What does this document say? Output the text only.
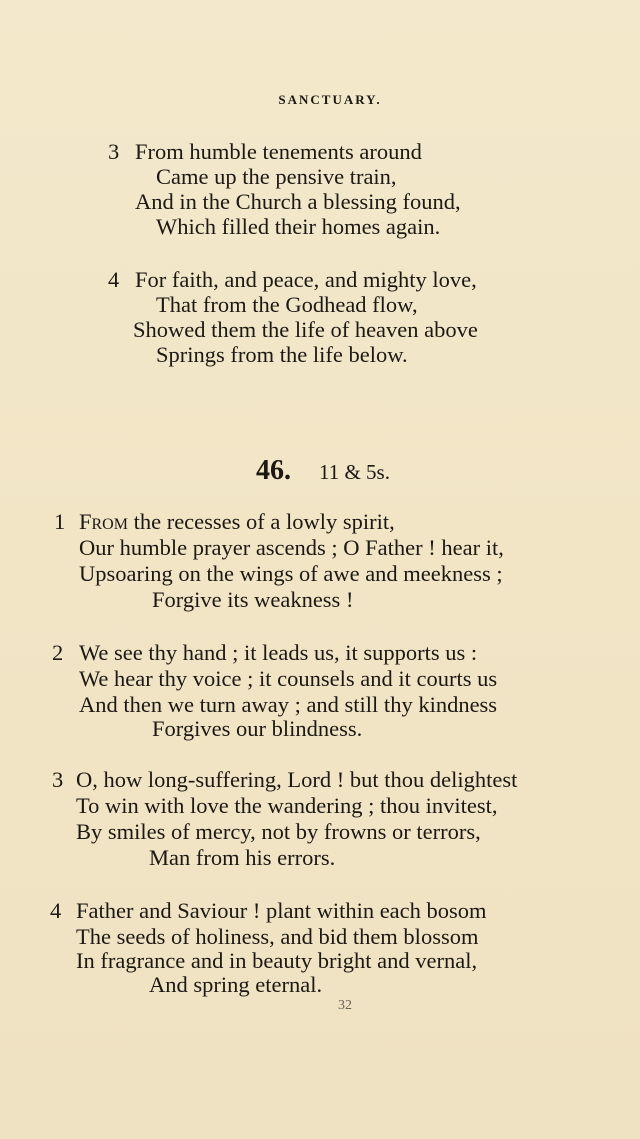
SANCTUARY.
3 From humble tenements around
Came up the pensive train,
And in the Church a blessing found,
Which filled their homes again.
4 For faith, and peace, and mighty love,
That from the Godhead flow,
Showed them the life of heaven above
Springs from the life below.
46. 11 & 5s.
1 From the recesses of a lowly spirit,
Our humble prayer ascends ; O Father ! hear it,
Upsoaring on the wings of awe and meekness ;
Forgive its weakness !
2 We see thy hand ; it leads us, it supports us :
We hear thy voice ; it counsels and it courts us
And then we turn away ; and still thy kindness
Forgives our blindness.
3 O, how long-suffering, Lord ! but thou delightest
To win with love the wandering ; thou invitest,
By smiles of mercy, not by frowns or terrors,
Man from his errors.
4 Father and Saviour ! plant within each bosom
The seeds of holiness, and bid them blossom
In fragrance and in beauty bright and vernal,
And spring eternal.
32
